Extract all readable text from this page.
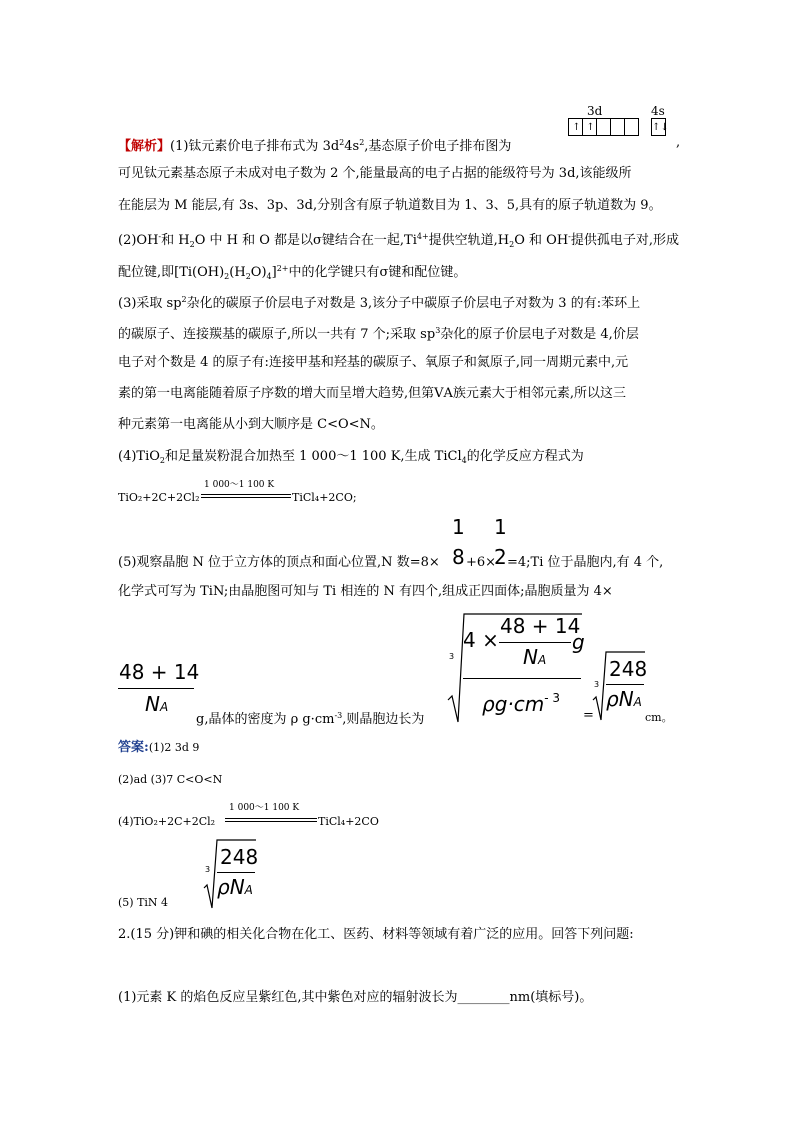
3d	4s
↑ ↑	↑↓
【解析】(1)钛元素价电子排布式为 $3d^24s^2$,基态原子价电子排布图为	,
可见钛元素基态原子未成对电子数为 2 个,能量最高的电子占据的能级符号为 3d,该能级所
在能层为 M 能层,有 3s、3p、3d,分别含有原子轨道数目为 1、3、5,具有的原子轨道数为 9。
(2)OH-和 $H_2O$ 中 H 和 O 都是以σ键结合在一起$,Ti^{4+}$提供空轨道$,H_2O$ 和 OH-提供孤电子对,形成
配位键,即$[Ti(OH)_2(H_2O)_4]^{2+}$中的化学键只有σ键和配位键。
(3)采取 $sp^2$杂化的碳原子价层电子对数是 3,该分子中碳原子价层电子对数为 3 的有:苯环上
的碳原子、连接羰基的碳原子,所以一共有 7 个;采取 $sp^3$杂化的原子价层电子对数是 4,价层
电子对个数是 4 的原子有:连接甲基和羟基的碳原子、氧原子和氮原子,同一周期元素中,元
素的第一电离能随着原子序数的增大而呈增大趋势,但第ⅤA族元素大于相邻元素,所以这三
种元素第一电离能从小到大顺序是 C<O<N。
(4)TiO$_2$和足量炭粉混合加热至 1 000～1 100 K,生成 TiCl$_4$的化学反应方程式为
TiO₂+2C+2Cl₂
1 000～1 100 K
TiCl₄+2CO;
(5)观察晶胞 N 位于立方体的顶点和面心位置,N 数=8×
1
8 +6×
1
2 =4;Ti 位于晶胞内,有 4 个,
化学式可写为 TiN;由晶胞图可知与 Ti 相连的 N 有四个,组成正四面体;晶胞质量为 4×
48 + 14
NA
g,晶体的密度为 ρ $g\cdot cm^{-3}$,则晶胞边长为
3
4 ×
48 + 14
NA
g
$\rho g\cdot cm^{- 3}$
=
3
248
ρNA
cm。
答案:(1)2 3d 9
(2)ad (3)7 C<O<N
(4)TiO₂+2C+2Cl₂
1 000～1 100 K
TiCl₄+2CO
(5) TiN 4
3
248
ρNA
2.(15 分)钾和碘的相关化合物在化工、医药、材料等领域有着广泛的应用。回答下列问题:
(1)元素 K 的焰色反应呈紫红色,其中紫色对应的辐射波长为________nm(填标号)。
